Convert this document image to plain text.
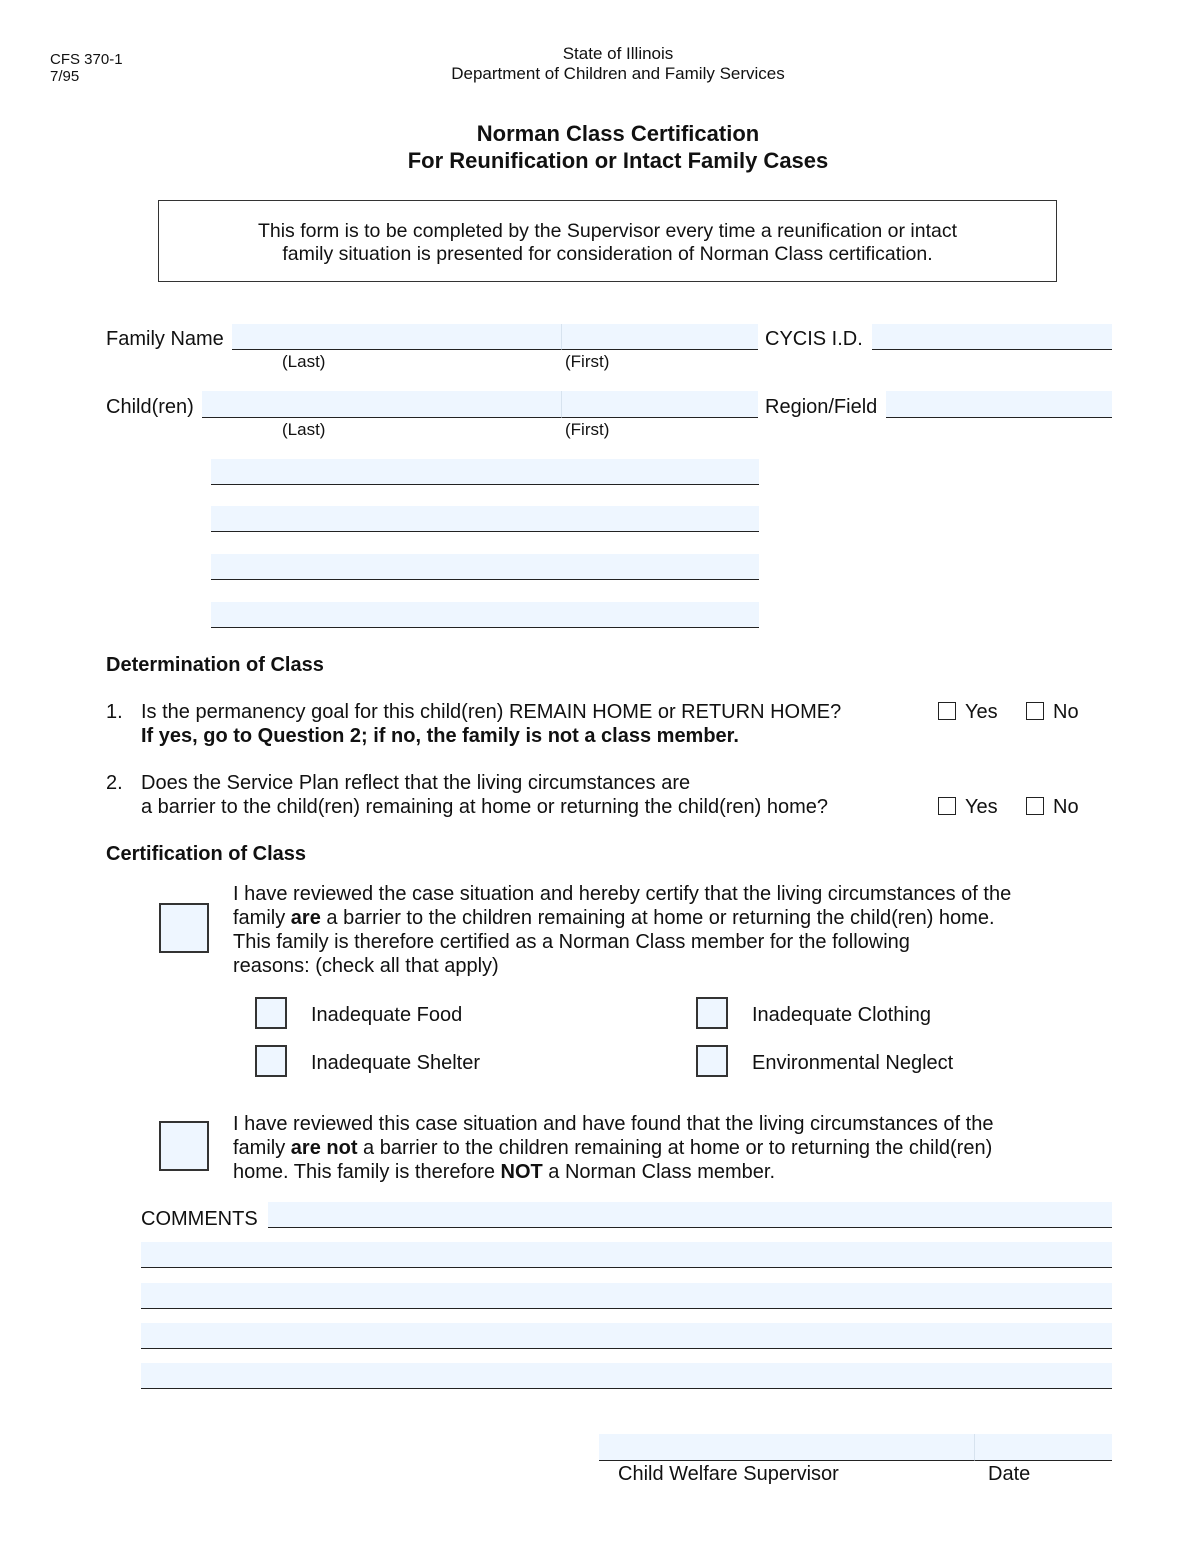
CFS 370-1
7/95
State of Illinois
Department of Children and Family Services
Norman Class Certification
For Reunification or Intact Family Cases
This form is to be completed by the Supervisor every time a reunification or intact
family situation is presented for consideration of Norman Class certification.
Family Name	CYCIS I.D.
(Last)	(First)
Child(ren)	Region/Field
(Last)	(First)
Determination of Class
1. Is the permanency goal for this child(ren) REMAIN HOME or RETURN HOME?
If yes, go to Question 2; if no, the family is not a class member.
Yes	No
2. Does the Service Plan reflect that the living circumstances are
a barrier to the child(ren) remaining at home or returning the child(ren) home?	Yes	No
Certification of Class
I have reviewed the case situation and hereby certify that the living circumstances of the
family are a barrier to the children remaining at home or returning the child(ren) home.
This family is therefore certified as a Norman Class member for the following
reasons: (check all that apply)
Inadequate Food	Inadequate Clothing
Inadequate Shelter	Environmental Neglect
I have reviewed this case situation and have found that the living circumstances of the
family are not a barrier to the children remaining at home or to returning the child(ren)
home. This family is therefore NOT a Norman Class member.
COMMENTS
Child Welfare Supervisor	Date
